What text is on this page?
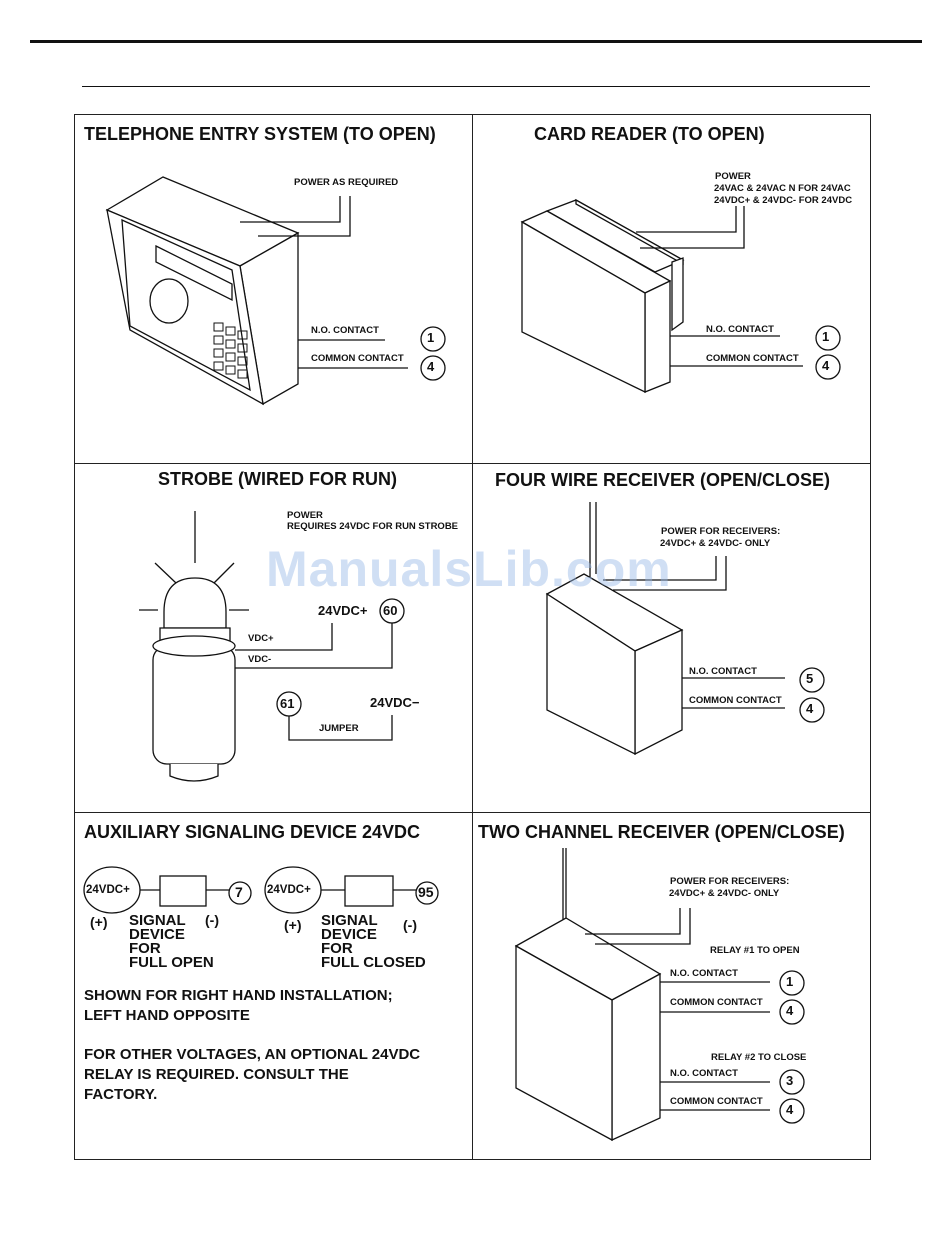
TELEPHONE ENTRY SYSTEM (TO OPEN)
POWER AS REQUIRED
N.O. CONTACT
COMMON CONTACT
1
4
CARD READER (TO OPEN)
POWER
24VAC & 24VAC N FOR 24VAC
24VDC+ & 24VDC- FOR 24VDC
N.O. CONTACT
COMMON CONTACT
1
4
STROBE (WIRED FOR RUN)
POWER
REQUIRES 24VDC FOR RUN STROBE
VDC+
VDC-
24VDC+ 60
61	24VDC−
JUMPER
FOUR WIRE RECEIVER (OPEN/CLOSE)
POWER FOR RECEIVERS:
24VDC+ & 24VDC- ONLY
N.O. CONTACT
COMMON CONTACT
5
4
AUXILIARY SIGNALING DEVICE 24VDC
24VDC+	7
(+)	(-)
SIGNAL
DEVICE
FOR
FULL OPEN
24VDC+	95
(+)	(-)
SIGNAL
DEVICE
FOR
FULL CLOSED
SHOWN FOR RIGHT HAND INSTALLATION;
LEFT HAND OPPOSITE
FOR OTHER VOLTAGES, AN OPTIONAL 24VDC
RELAY IS REQUIRED. CONSULT THE
FACTORY.
TWO CHANNEL RECEIVER (OPEN/CLOSE)
POWER FOR RECEIVERS:
24VDC+ & 24VDC- ONLY
RELAY #1 TO OPEN
N.O. CONTACT
COMMON CONTACT
1
4
RELAY #2 TO CLOSE
N.O. CONTACT
COMMON CONTACT
3
4
ManualsLib.com
